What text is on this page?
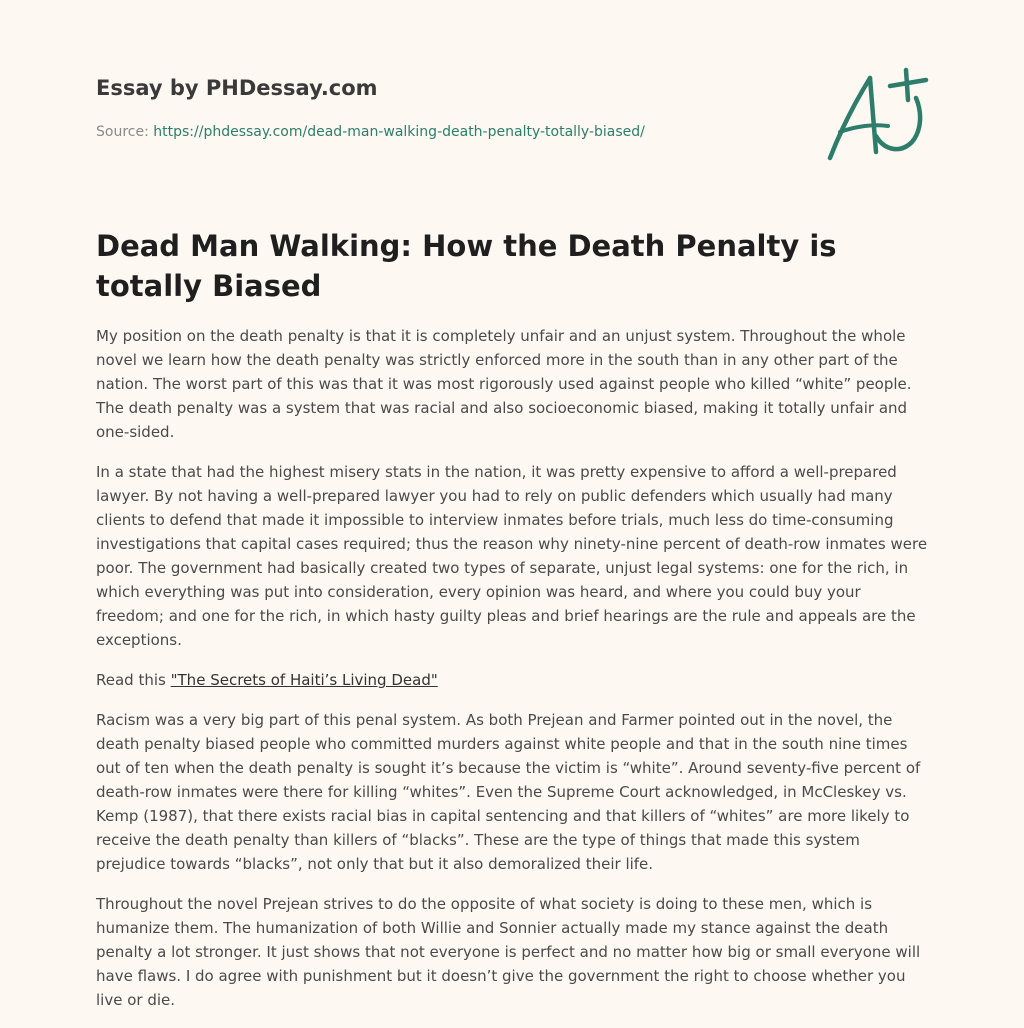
Essay by PHDessay.com

Source: https://phdessay.com/dead-man-walking-death-penalty-totally-biased/
Dead Man Walking: How the Death Penalty is totally Biased

My position on the death penalty is that it is completely unfair and an unjust system. Throughout the whole novel we learn how the death penalty was strictly enforced more in the south than in any other part of the nation. The worst part of this was that it was most rigorously used against people who killed “white” people. The death penalty was a system that was racial and also socioeconomic biased, making it totally unfair and one-sided.

In a state that had the highest misery stats in the nation, it was pretty expensive to afford a well-prepared lawyer. By not having a well-prepared lawyer you had to rely on public defenders which usually had many clients to defend that made it impossible to interview inmates before trials, much less do time-consuming investigations that capital cases required; thus the reason why ninety-nine percent of death-row inmates were poor. The government had basically created two types of separate, unjust legal systems: one for the rich, in which everything was put into consideration, every opinion was heard, and where you could buy your freedom; and one for the rich, in which hasty guilty pleas and brief hearings are the rule and appeals are the exceptions.

Read this "The Secrets of Haiti’s Living Dead"

Racism was a very big part of this penal system. As both Prejean and Farmer pointed out in the novel, the death penalty biased people who committed murders against white people and that in the south nine times out of ten when the death penalty is sought it’s because the victim is “white”. Around seventy-five percent of death-row inmates were there for killing “whites”. Even the Supreme Court acknowledged, in McCleskey vs. Kemp (1987), that there exists racial bias in capital sentencing and that killers of “whites” are more likely to receive the death penalty than killers of “blacks”. These are the type of things that made this system prejudice towards “blacks”, not only that but it also demoralized their life.

Throughout the novel Prejean strives to do the opposite of what society is doing to these men, which is humanize them. The humanization of both Willie and Sonnier actually made my stance against the death penalty a lot stronger. It just shows that not everyone is perfect and no matter how big or small everyone will have flaws. I do agree with punishment but it doesn’t give the government the right to choose whether you live or die.
